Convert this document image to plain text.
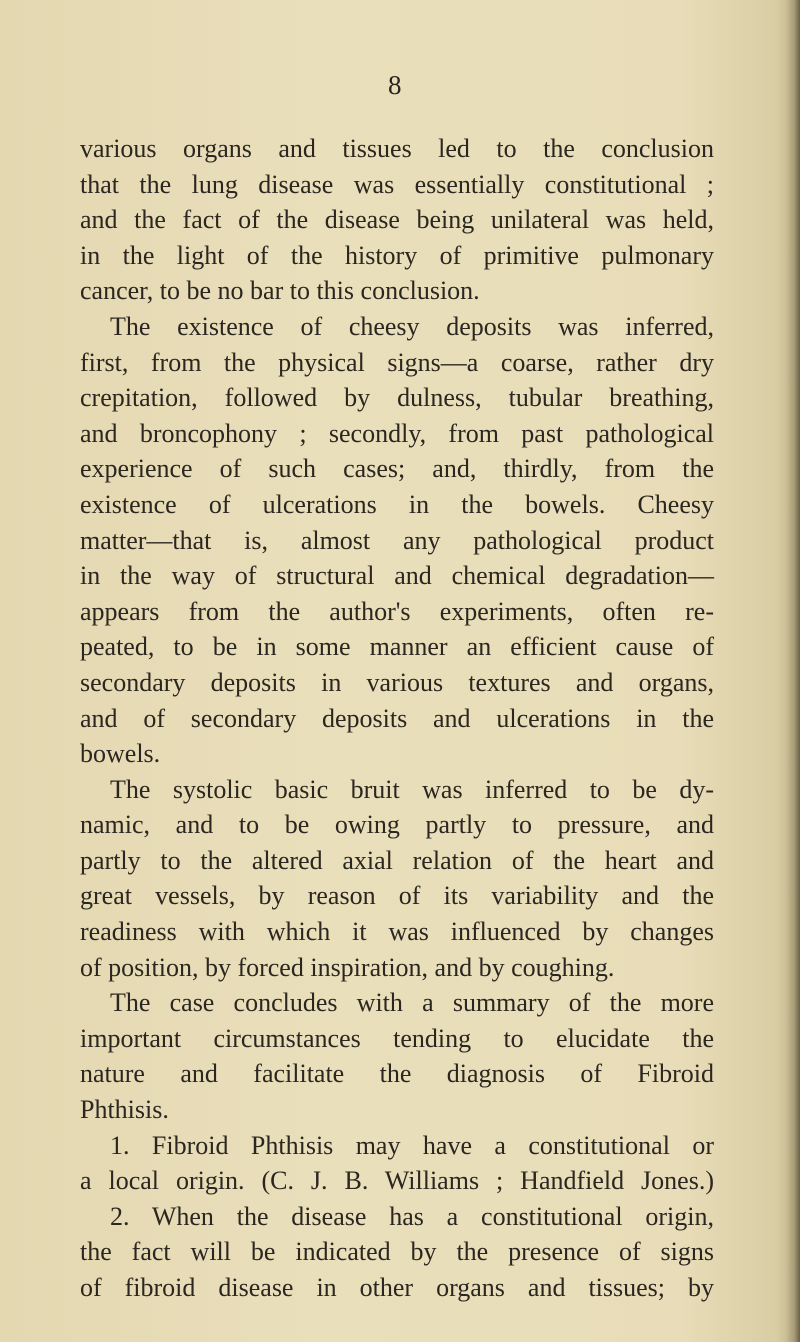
8
various organs and tissues led to the conclusion
that the lung disease was essentially constitutional ;
and the fact of the disease being unilateral was held,
in the light of the history of primitive pulmonary
cancer, to be no bar to this conclusion.
The existence of cheesy deposits was inferred,
first, from the physical signs—a coarse, rather dry
crepitation, followed by dulness, tubular breathing,
and broncophony ; secondly, from past pathological
experience of such cases; and, thirdly, from the
existence of ulcerations in the bowels. Cheesy
matter—that is, almost any pathological product
in the way of structural and chemical degradation—
appears from the author's experiments, often re-
peated, to be in some manner an efficient cause of
secondary deposits in various textures and organs,
and of secondary deposits and ulcerations in the
bowels.
The systolic basic bruit was inferred to be dy-
namic, and to be owing partly to pressure, and
partly to the altered axial relation of the heart and
great vessels, by reason of its variability and the
readiness with which it was influenced by changes
of position, by forced inspiration, and by coughing.
The case concludes with a summary of the more
important circumstances tending to elucidate the
nature and facilitate the diagnosis of Fibroid
Phthisis.
1. Fibroid Phthisis may have a constitutional or
a local origin. (C. J. B. Williams ; Handfield Jones.)
2. When the disease has a constitutional origin,
the fact will be indicated by the presence of signs
of fibroid disease in other organs and tissues; by
